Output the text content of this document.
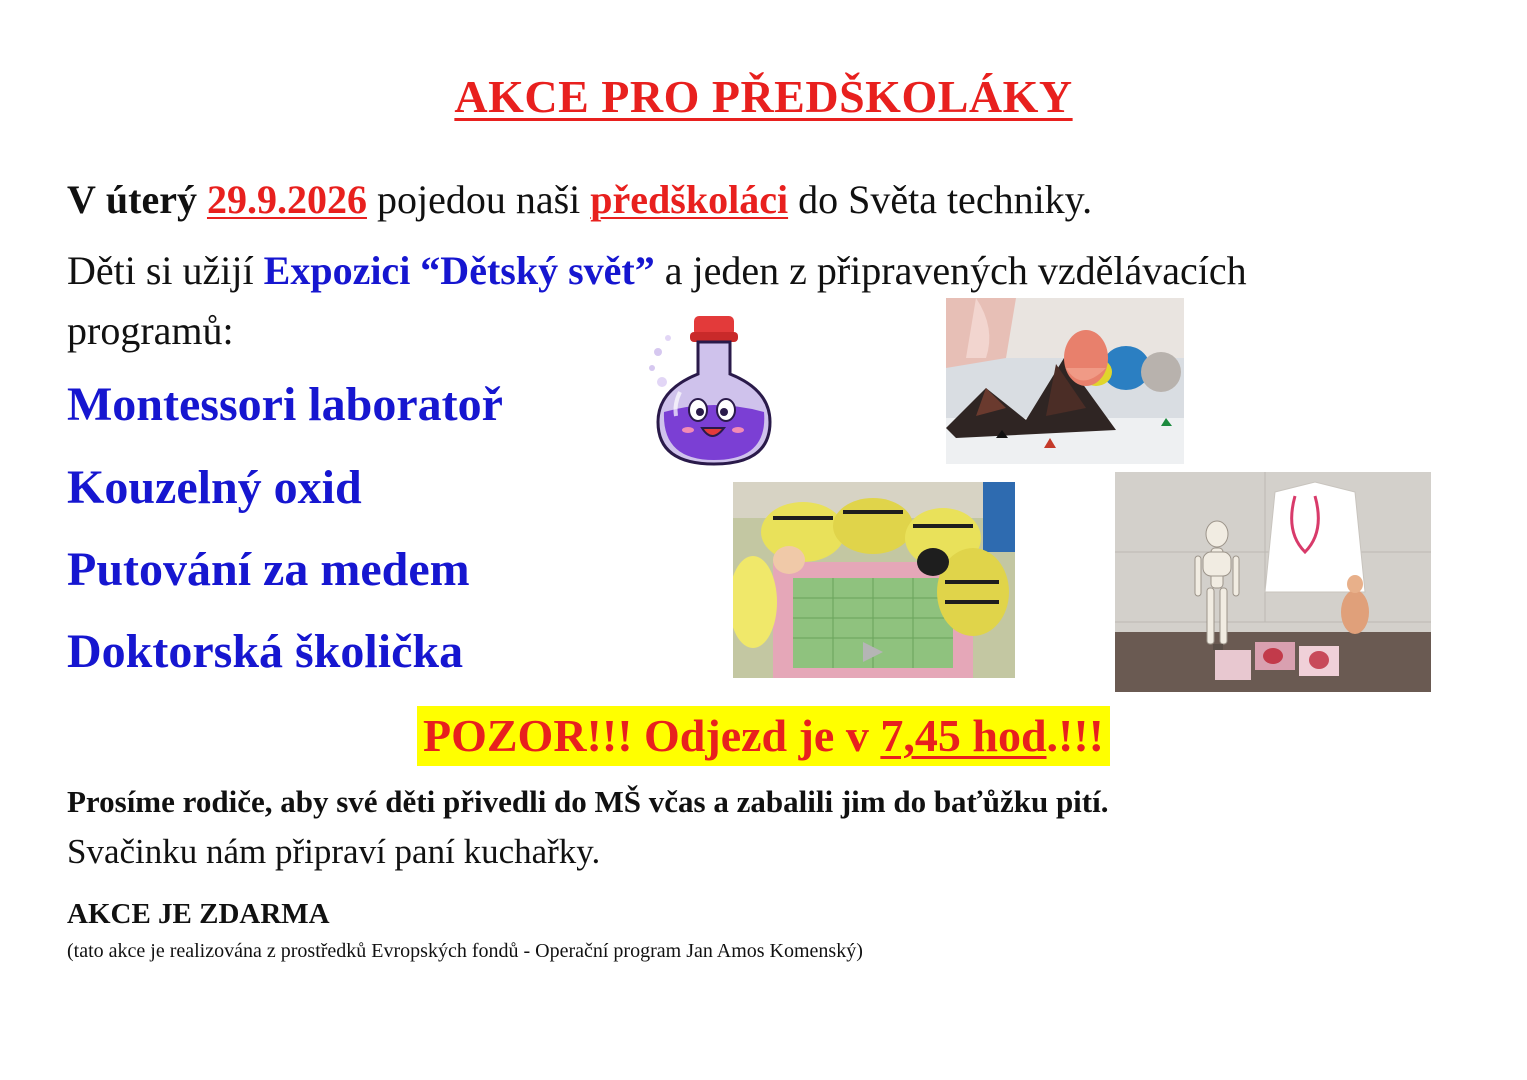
AKCE PRO PŘEDŠKOLÁKY
V úterý 29.9.2026 pojedou naši předškoláci do Světa techniky.
Děti si užijí Expozici “Dětský svět” a jeden z připravených vzdělávacích
programů:
Montessori laboratoř
Kouzelný oxid
Putování za medem
Doktorská školička
POZOR!!! Odjezd je v 7,45 hod.!!!
Prosíme rodiče, aby své děti přivedli do MŠ včas a zabalili jim do baťůžku pití.
Svačinku nám připraví paní kuchařky.
AKCE JE ZDARMA
(tato akce je realizována z prostředků Evropských fondů - Operační program Jan Amos Komenský)
